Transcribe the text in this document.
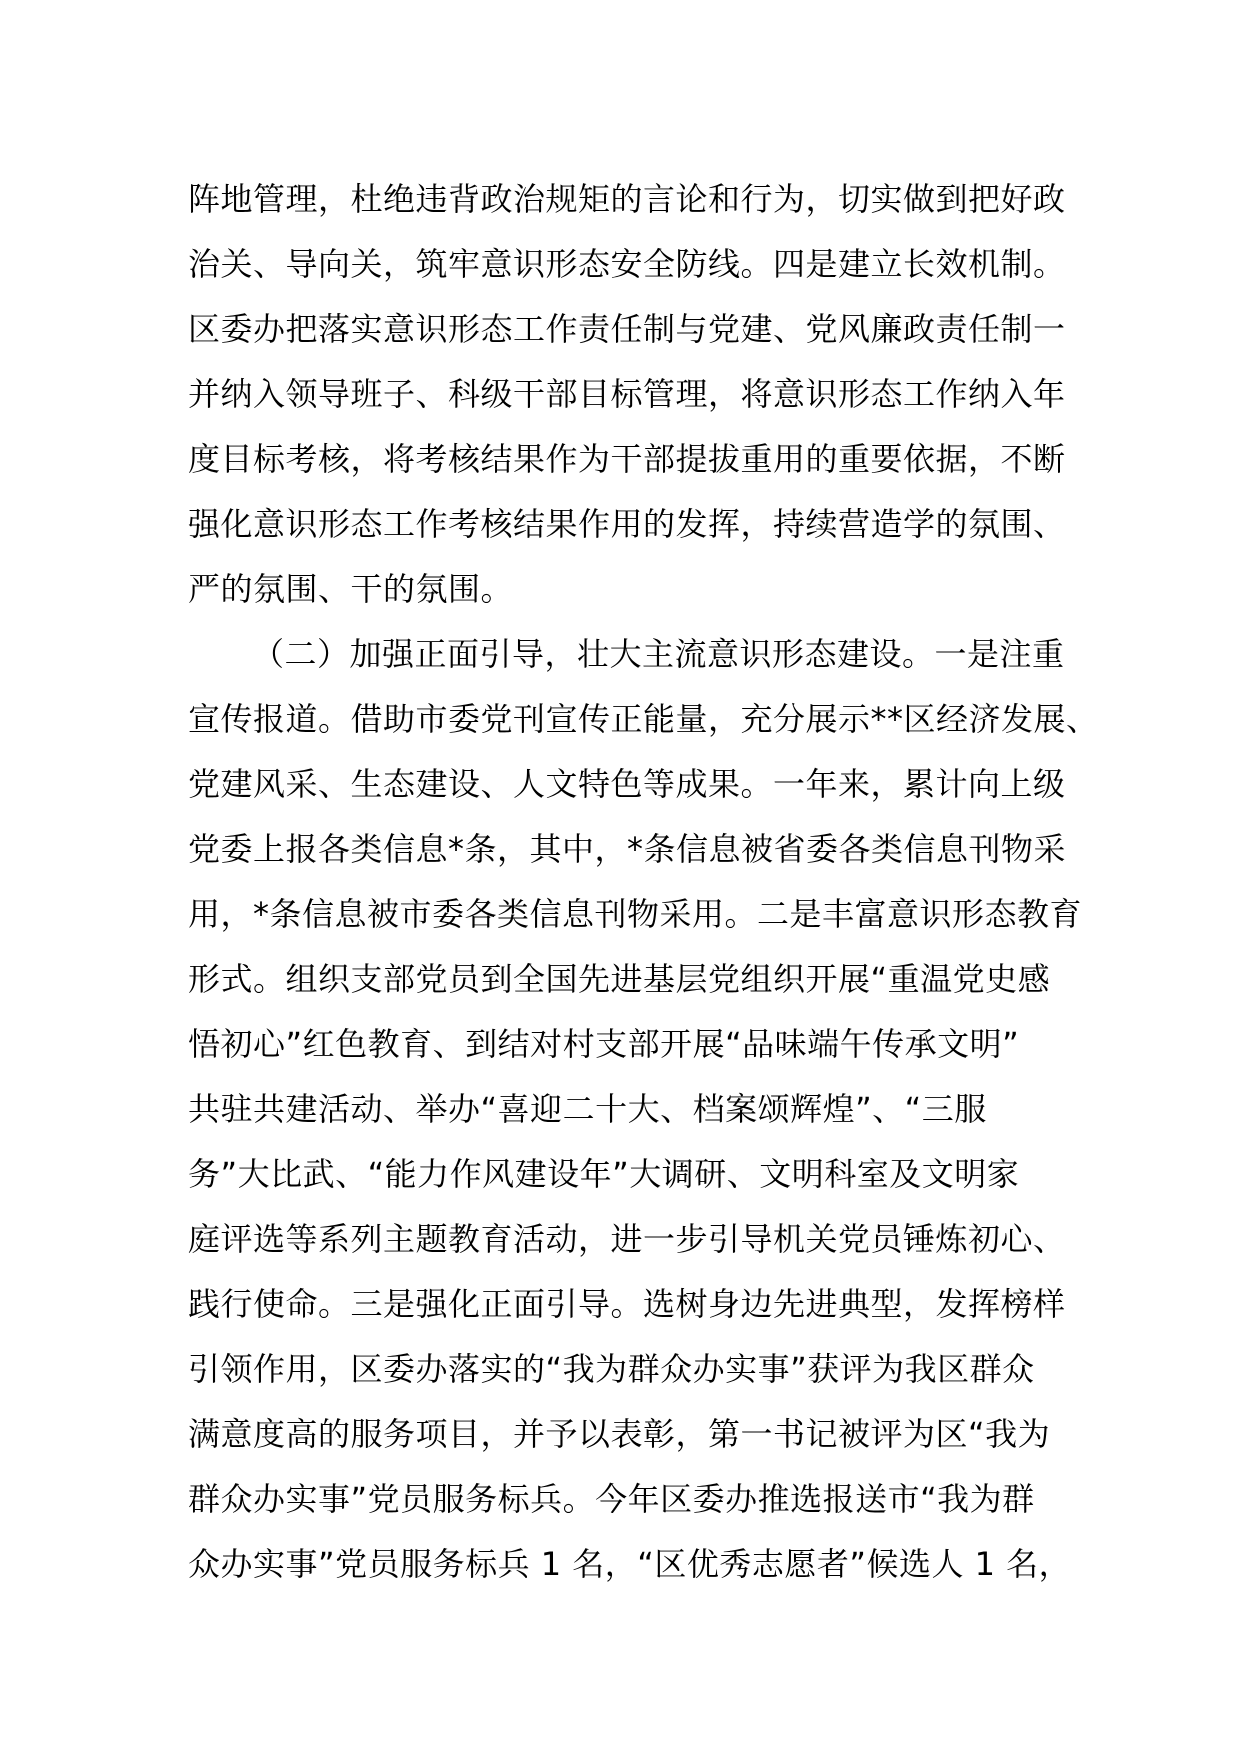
阵地管理，杜绝违背政治规矩的言论和行为，切实做到把好政
治关、导向关，筑牢意识形态安全防线。四是建立长效机制。
区委办把落实意识形态工作责任制与党建、党风廉政责任制一
并纳入领导班子、科级干部目标管理，将意识形态工作纳入年
度目标考核，将考核结果作为干部提拔重用的重要依据，不断
强化意识形态工作考核结果作用的发挥，持续营造学的氛围、
严的氛围、干的氛围。
（二）加强正面引导，壮大主流意识形态建设。一是注重
宣传报道。借助市委党刊宣传正能量，充分展示**区经济发展、
党建风采、生态建设、人文特色等成果。一年来，累计向上级
党委上报各类信息*条，其中，*条信息被省委各类信息刊物采
用，*条信息被市委各类信息刊物采用。二是丰富意识形态教育
形式。组织支部党员到全国先进基层党组织开展“重温党史感
悟初心”红色教育、到结对村支部开展“品味端午传承文明”
共驻共建活动、举办“喜迎二十大、档案颂辉煌”、“三服
务”大比武、“能力作风建设年”大调研、文明科室及文明家
庭评选等系列主题教育活动，进一步引导机关党员锤炼初心、
践行使命。三是强化正面引导。选树身边先进典型，发挥榜样
引领作用，区委办落实的“我为群众办实事”获评为我区群众
满意度高的服务项目，并予以表彰，第一书记被评为区“我为
群众办实事”党员服务标兵。今年区委办推选报送市“我为群
众办实事”党员服务标兵 1 名，“区优秀志愿者”候选人 1 名，
